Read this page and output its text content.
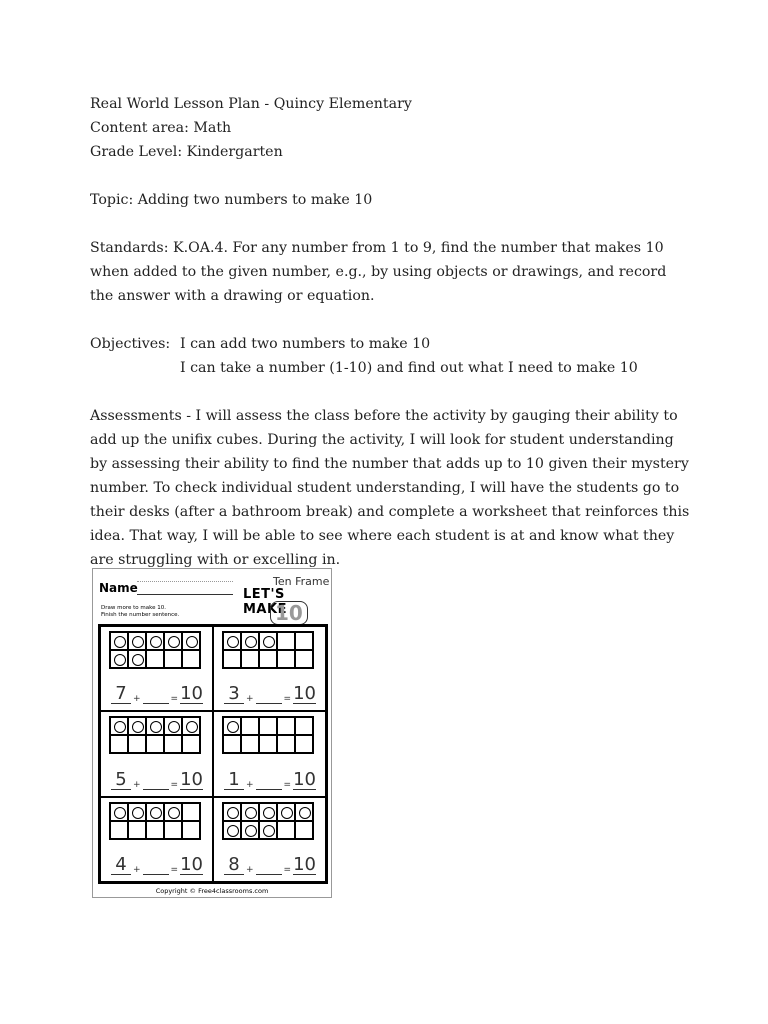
Real World Lesson Plan - Quincy Elementary

Content area: Math

Grade Level: Kindergarten

Topic: Adding two numbers to make 10

Standards: K.OA.4. For any number from 1 to 9, find the number that makes 10 when added to the given number, e.g., by using objects or drawings, and record the answer with a drawing or equation.

Objectives: I can add two numbers to make 10

I can take a number (1-10) and find out what I need to make 10

Assessments - I will assess the class before the activity by gauging their ability to add up the unifix cubes. During the activity, I will look for student understanding by assessing their ability to find the number that adds up to 10 given their mystery number. To check individual student understanding, I will have the students go to their desks (after a bathroom break) and complete a worksheet that reinforces this idea. That way, I will be able to see where each student is at and know what they are struggling with or excelling in.

Name	Ten Frame
LET'S MAKE
10
Draw more to make 10.
Finish the number sentence.
7 +	= 10 3 +	= 10
5 +	= 10 1 +	= 10
4 +	= 10 8 +	= 10
Copyright © Free4classrooms.com
